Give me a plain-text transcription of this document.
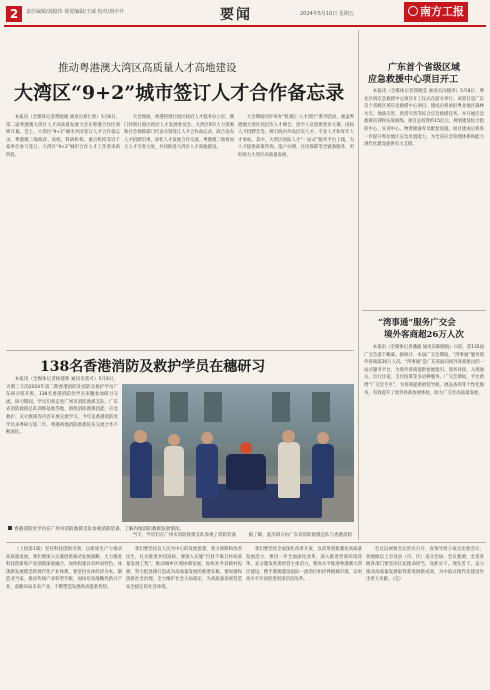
2	责任编辑/刘稳伟 视觉编辑/王威 校对/唐中升	要闻	2024年5月10日 星期五	南方工报
推动粤港澳大湾区高质量人才高地建设
大湾区“9+2”城市签订人才合作备忘录

本报讯（全媒体记者黄晓晓 通讯员蔡仁欣）5月8日，第二届粤港澳大湾区人才高质量发展大会在粤港合作区深圳开幕。会上，大湾区“9+2”城市共同签订人才合作备忘录，粤港澳三地政府、高校、科研机构、重点机构等近千家单位参与签订。大湾区“9+2”城市合作人才工作迎来新阶段。

大会现场，香港特别行政区政府人才服务办公室、澳门特别行政区政府人才发展委员会、大湾区9市人力资源和社会保障部门代表分别签订人才合作备忘录，联合发布人才招聘启事，深化人才发展合作交流。粤港澳三地将加大人才引进力度，共同推进大湾区人才高地建设。

大会期间同步举办“机遇汇·人才湾区”系列活动，涵盖粤港澳大湾区高层次人才峰会、留学人员创新创业大赛、国际人才招聘会等，吸引海内外高层次人才、专业人才和青年人才参加。其中，大湾区国际人才“一站式”服务平台上线，为人才提供政策咨询、落户办理、住房保障等全链条服务，更好助力大湾区高质量发展。

广东首个省级区域
应急救援中心项目开工

本报讯（全媒体记者郭晓莹 通讯员冯晓彤）5月8日，粤北区域应急救援中心项目开工仪式在韶关举行。该项目是广东首个省级区域应急救援中心项目，建成后将承担粤北地区森林火灾、地质灾害、洪涝灾害等综合应急救援任务，并开展应急救援培训和实战演练。项目总投资约15亿元，规划建设综合指挥中心、实训中心、物资储备库及配套设施。项目建成后将进一步提升粤北地区应急处置能力，为全省应急管理体系和能力现代化建设提供有力支撑。

138名香港消防及救护学员在穗研习

本报讯（全媒体记者杨建新 通讯员莫可）5月8日，为期三天的2024年第二期香港消防处消防及救护学员广东研习班开班，138名香港消防处学员来穗参加研习交流。研习期间，学员们将走进广州市消防救援支队、广东省消防救援总队训练基地等地，围绕消防救援技能、应急救护、灭火救援等内容开展交流学习。今年是香港消防处学员来粤研习第二年，粤港两地消防救援队伍交流合作不断深化。

香港消防处学员在广州市消防救援支队参观消防装备，了解内地消防救援发展情况。

当天，学员们在广州市消防救援支队参观了消防装备	据了解，此次研习由广东省消防救援总队与香港消防

“湾事通”服务广交会
境外客商超26万人次

本报讯（全媒体记者潘淑 通讯员陈晓航）日前，第135届广交会落下帷幕。据统计，本届广交会期间，“湾事通”服务境外客商超26万人次。“湾事通”是广东省面向境外客商推出的一站式服务平台，为境外客商提供参展指引、商务对接、入境通关、出行住宿、支付结算等多语种服务。广交会期间，平台新增“广交会专区”，为客商提供展馆导航、展品查询等个性化服务，有效提升了境外客商参展体验，助力广交会高质量发展。

（上接第1版）坚持科技创新引领，以新质生产力推动高质量发展。我们要深入实施创新驱动发展战略，大力推进科技创新和产业创新深度融合，加快构建具有岭南特色、体现新发展理念的现代化产业体系。要坚持实体经济为本、制造业当家，推动传统产业转型升级，加快培育战略性新兴产业，前瞻布局未来产业，不断塑造发展新动能新优势。

我们要坚持以人民为中心的发展思想，着力保障和改善民生，扎实推进共同富裕。要深入实施“百县千镇万村高质量发展工程”，推动城乡区域协调发展，加快补齐县镇村短板，努力把县域打造成为高质量发展的新增长极。要加强和创新社会治理，全力维护社会大局稳定，为高质量发展营造安全稳定的社会环境。

我们要坚持全面深化改革开放，以改革创新激发高质量发展活力。要进一步全面深化改革，深入推进营商环境改革，充分激发各类经营主体活力。要高水平推进粤港澳大湾区建设，携手港澳建设国际一流湾区和世界级城市群，以更高水平开放促进更深层次改革。

会议以视频会议形式召开，省领导班子成员出席会议，各地级以上市及县（市、区）设分会场。会议强调，全省各级各部门要坚决扛起使命担当，真抓实干、埋头苦干，奋力推动高质量发展取得新进展新成效，为中国式现代化建设作出更大贡献。（完）
